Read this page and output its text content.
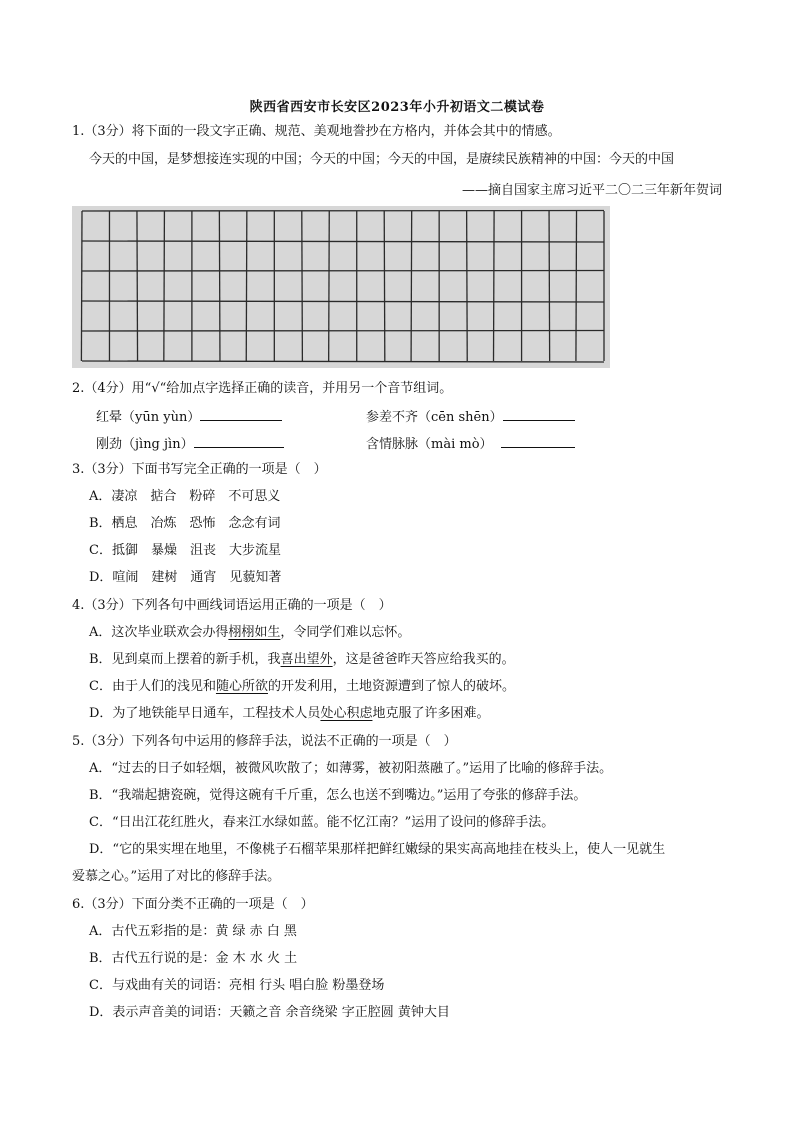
陕西省西安市长安区2023年小升初语文二模试卷
1.（3分）将下面的一段文字正确、规范、美观地誊抄在方格内，并体会其中的情感。
今天的中国，是梦想接连实现的中国；今天的中国；今天的中国，是赓续民族精神的中国：今天的中国
——摘自国家主席习近平二〇二三年新年贺词
2.（4分）用“√“给加点字选择正确的读音，并用另一个音节组词。
红晕（yūn yùn）	参差不齐（cēn shēn）
刚劲（jìng jìn）	含情脉脉（mài mò）
3.（3分）下面书写完全正确的一项是（　）
A．凄凉　掂合　粉碎　不可思义
B．栖息　冶炼　恐怖　念念有词
C．抵御　暴燥　沮丧　大步流星
D．喧闹　建树　通宵　见藐知著
4.（3分）下列各句中画线词语运用正确的一项是（　）
A．这次毕业联欢会办得栩栩如生，令同学们难以忘怀。
B．见到桌而上摆着的新手机，我喜出望外，这是爸爸昨天答应给我买的。
C．由于人们的浅见和随心所欲的开发利用，土地资源遭到了惊人的破坏。
D．为了地铁能早日通车，工程技术人员处心积虑地克服了许多困难。
5.（3分）下列各句中运用的修辞手法，说法不正确的一项是（　）
A．“过去的日子如轻烟，被微风吹散了；如薄雾，被初阳蒸融了。”运用了比喻的修辞手法。
B．“我端起搪瓷碗，觉得这碗有千斤重，怎么也送不到嘴边。”运用了夸张的修辞手法。
C．“日出江花红胜火，春来江水绿如蓝。能不忆江南？”运用了设问的修辞手法。
D．“它的果实埋在地里，不像桃子石榴苹果那样把鲜红嫩绿的果实高高地挂在枝头上，使人一见就生
爱慕之心。”运用了对比的修辞手法。
6.（3分）下面分类不正确的一项是（　）
A．古代五彩指的是：黄 绿 赤 白 黑
B．古代五行说的是：金 木 水 火 土
C．与戏曲有关的词语：亮相 行头 唱白脸 粉墨登场
D．表示声音美的词语：天籁之音 余音绕梁 字正腔圆 黄钟大目
